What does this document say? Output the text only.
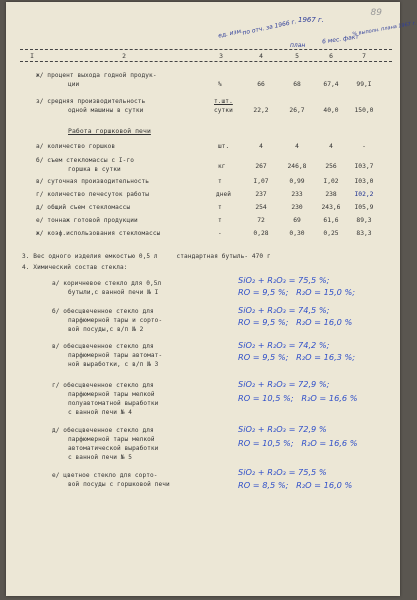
89
ед. изм.
по отч. за 1966 г. 1967 г.
план	6 мес. факт
% выполн. плана 1967 г.
I	2	3	4	5	6	7
ж/ процент выхода годной продук-
ции	%	66	68	67,4	99,I
з/ средняя производительность
одной машины в сутки
т.шт.
сутки	22,2	26,7	40,0	150,0
Работа горшковой печи
а/ количество горшков	шт.	4	4	4	-
б/ съем стекломассы с I-го
горшка в сутки	кг	267	246,8	256	I03,7
в/ суточная производительность	т	I,07	0,99	I,02	I03,0
г/ количество печесуток работы	дней	237	233	238	I02,2
д/ общий съем стекломассы	т	254	230	243,6	I05,9
е/ тоннаж готовой продукции	т	72	69	61,6	89,3
ж/ коэф.использования стекломассы	-	0,28	0,30	0,25	83,3
3. Вес одного изделия емкостью 0,5 л     стандартная бутыль- 470 г
4. Химический состав стекла:
а/ коричневое стекло для 0,5л
бутыли,с ванной печи № I
SiO₂ + R₂O₃ = 75,5 %;
RO = 9,5 %;   R₂O = 15,0 %;
б/ обесцвеченное стекло для
парфюмерной тары и сорто-
вой посуды,с в/п № 2
SiO₂ + R₂O₃ = 74,5 %;
RO = 9,5 %;   R₂O = 16,0 %
в/ обесцвеченное стекло для
парфюмерной тары автомат-
ной выработки, с в/п № 3
SiO₂ + R₂O₃ = 74,2 %;
RO = 9,5 %;   R₂O = 16,3 %;
г/ обесцвеченное стекло для
парфюмерной тары мелкой
полуавтоматной выработки
с ванной печи № 4
SiO₂ + R₂O₃ = 72,9 %;
RO = 10,5 %;   R₂O = 16,6 %
д/ обесцвеченное стекло для
парфюмерной тары мелкой
автоматической выработки
с ванной печи № 5
SiO₂ + R₂O₃ = 72,9 %
RO = 10,5 %;   R₂O = 16,6 %
е/ цветное стекло для сорто-
вой посуды с горшковой печи
SiO₂ + R₂O₃ = 75,5 %
RO = 8,5 %;   R₂O = 16,0 %
